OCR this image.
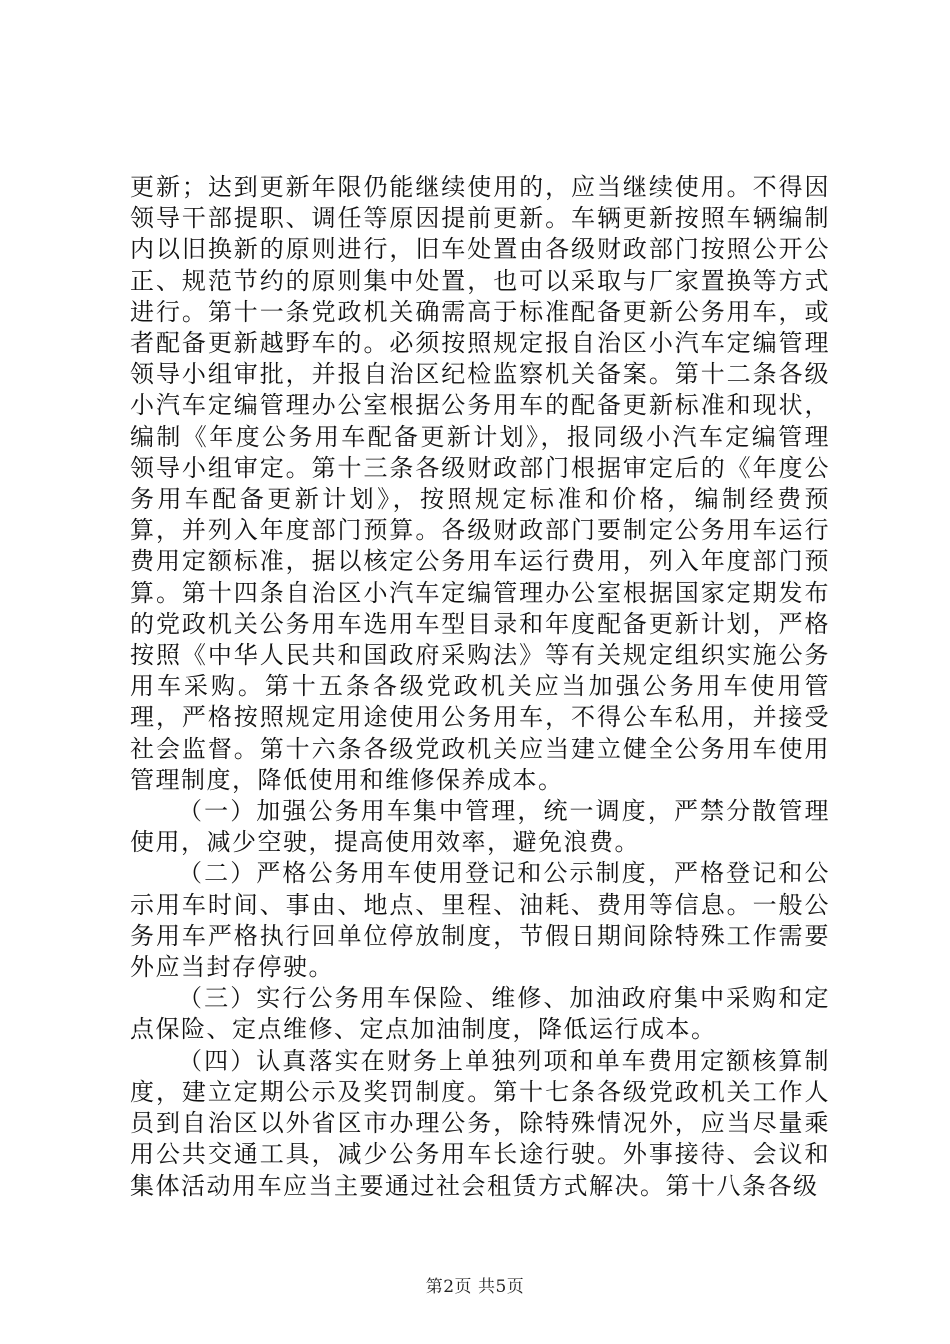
更新；达到更新年限仍能继续使用的，应当继续使用。不得因领导干部提职、调任等原因提前更新。车辆更新按照车辆编制内以旧换新的原则进行，旧车处置由各级财政部门按照公开公正、规范节约的原则集中处置，也可以采取与厂家置换等方式进行。第十一条党政机关确需高于标准配备更新公务用车，或者配备更新越野车的。必须按照规定报自治区小汽车定编管理领导小组审批，并报自治区纪检监察机关备案。第十二条各级小汽车定编管理办公室根据公务用车的配备更新标准和现状，编制《年度公务用车配备更新计划》，报同级小汽车定编管理领导小组审定。第十三条各级财政部门根据审定后的《年度公务用车配备更新计划》，按照规定标准和价格，编制经费预算，并列入年度部门预算。各级财政部门要制定公务用车运行费用定额标准，据以核定公务用车运行费用，列入年度部门预算。第十四条自治区小汽车定编管理办公室根据国家定期发布的党政机关公务用车选用车型目录和年度配备更新计划，严格按照《中华人民共和国政府采购法》等有关规定组织实施公务用车采购。第十五条各级党政机关应当加强公务用车使用管理，严格按照规定用途使用公务用车，不得公车私用，并接受社会监督。第十六条各级党政机关应当建立健全公务用车使用管理制度，降低使用和维修保养成本。

（一）加强公务用车集中管理，统一调度，严禁分散管理使用，减少空驶，提高使用效率，避免浪费。

（二）严格公务用车使用登记和公示制度，严格登记和公示用车时间、事由、地点、里程、油耗、费用等信息。一般公务用车严格执行回单位停放制度，节假日期间除特殊工作需要外应当封存停驶。

（三）实行公务用车保险、维修、加油政府集中采购和定点保险、定点维修、定点加油制度，降低运行成本。

（四）认真落实在财务上单独列项和单车费用定额核算制度，建立定期公示及奖罚制度。第十七条各级党政机关工作人员到自治区以外省区市办理公务，除特殊情况外，应当尽量乘用公共交通工具，减少公务用车长途行驶。外事接待、会议和集体活动用车应当主要通过社会租赁方式解决。第十八条各级

第2页 共5页
